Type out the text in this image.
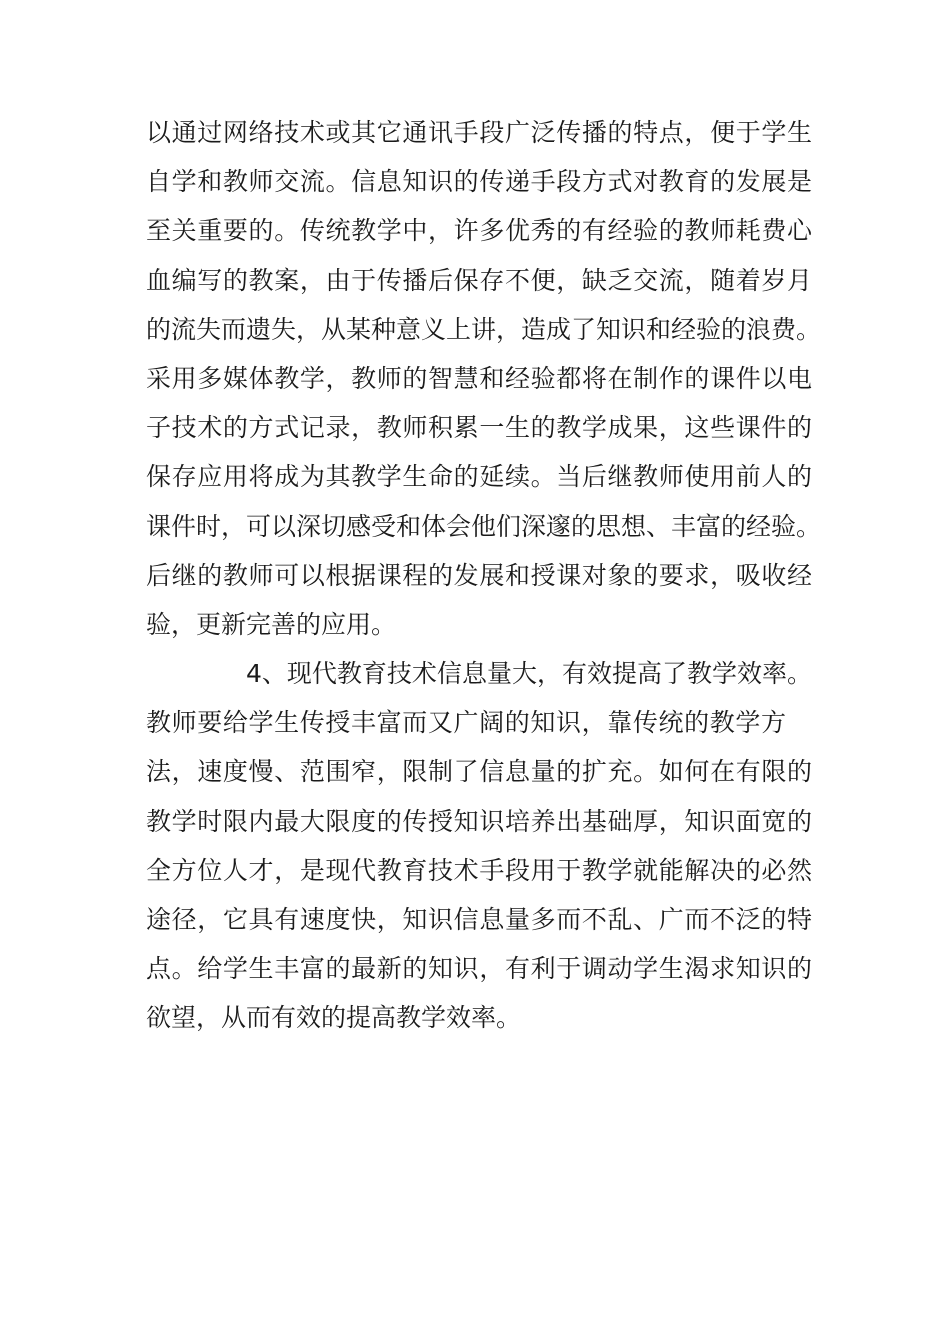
以通过网络技术或其它通讯手段广泛传播的特点，便于学生
自学和教师交流。信息知识的传递手段方式对教育的发展是
至关重要的。传统教学中，许多优秀的有经验的教师耗费心
血编写的教案，由于传播后保存不便，缺乏交流，随着岁月
的流失而遗失，从某种意义上讲，造成了知识和经验的浪费。
采用多媒体教学，教师的智慧和经验都将在制作的课件以电
子技术的方式记录，教师积累一生的教学成果，这些课件的
保存应用将成为其教学生命的延续。当后继教师使用前人的
课件时，可以深切感受和体会他们深邃的思想、丰富的经验。
后继的教师可以根据课程的发展和授课对象的要求，吸收经
验，更新完善的应用。
4、现代教育技术信息量大，有效提高了教学效率。
教师要给学生传授丰富而又广阔的知识，靠传统的教学方
法，速度慢、范围窄，限制了信息量的扩充。如何在有限的
教学时限内最大限度的传授知识培养出基础厚，知识面宽的
全方位人才，是现代教育技术手段用于教学就能解决的必然
途径，它具有速度快，知识信息量多而不乱、广而不泛的特
点。给学生丰富的最新的知识，有利于调动学生渴求知识的
欲望，从而有效的提高教学效率。
